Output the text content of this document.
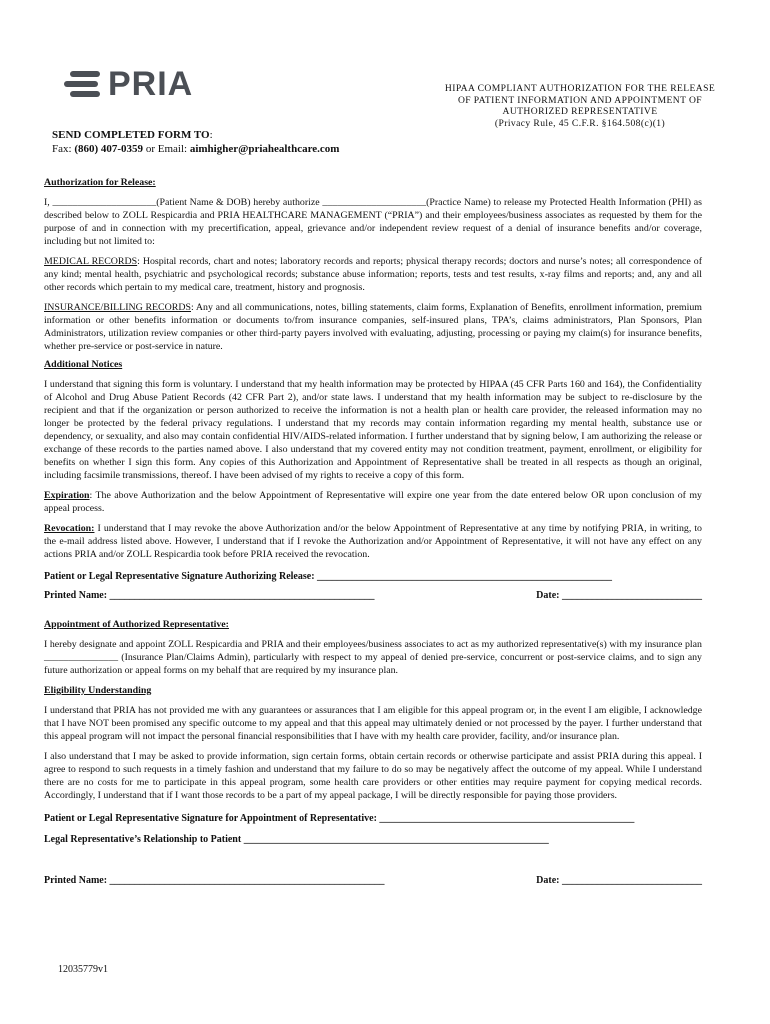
PRIA	HIPAA COMPLIANT AUTHORIZATION FOR THE RELEASE
OF PATIENT INFORMATION AND APPOINTMENT OF
AUTHORIZED REPRESENTATIVE
(Privacy Rule, 45 C.F.R. §164.508(c)(1)
SEND COMPLETED FORM TO:
Fax: (860) 407-0359 or Email: aimhigher@priahealthcare.com

Authorization for Release:

I, _____________________(Patient Name & DOB) hereby authorize _____________________(Practice Name) to release my Protected Health Information (PHI) as described below to ZOLL Respicardia and PRIA HEALTHCARE MANAGEMENT (“PRIA”) and their employees/business associates as requested by them for the purpose of and in connection with my precertification, appeal, grievance and/or independent review request of a denial of insurance benefits and/or coverage, including but not limited to:

MEDICAL RECORDS: Hospital records, chart and notes; laboratory records and reports; physical therapy records; doctors and nurse’s notes; all correspondence of any kind; mental health, psychiatric and psychological records; substance abuse information; reports, tests and test results, x-ray films and reports; and, any and all other records which pertain to my medical care, treatment, history and prognosis.

INSURANCE/BILLING RECORDS: Any and all communications, notes, billing statements, claim forms, Explanation of Benefits, enrollment information, premium information or other benefits information or documents to/from insurance companies, self-insured plans, TPA’s, claims administrators, Plan Sponsors, Plan Administrators, utilization review companies or other third-party payers involved with evaluating, adjusting, processing or paying my claim(s) for insurance benefits, whether pre-service or post-service in nature.

Additional Notices

I understand that signing this form is voluntary. I understand that my health information may be protected by HIPAA (45 CFR Parts 160 and 164), the Confidentiality of Alcohol and Drug Abuse Patient Records (42 CFR Part 2), and/or state laws. I understand that my health information may be subject to re-disclosure by the recipient and that if the organization or person authorized to receive the information is not a health plan or health care provider, the released information may no longer be protected by the federal privacy regulations. I understand that my records may contain information regarding my mental health, substance use or dependency, or sexuality, and also may contain confidential HIV/AIDS-related information. I further understand that by signing below, I am authorizing the release or exchange of these records to the parties named above. I also understand that my covered entity may not condition treatment, payment, enrollment, or eligibility for benefits on whether I sign this form. Any copies of this Authorization and Appointment of Representative shall be treated in all respects as though an original, including facsimile transmissions, thereof. I have been advised of my rights to receive a copy of this form.

Expiration: The above Authorization and the below Appointment of Representative will expire one year from the date entered below OR upon conclusion of my appeal process.

Revocation: I understand that I may revoke the above Authorization and/or the below Appointment of Representative at any time by notifying PRIA, in writing, to the e-mail address listed above. However, I understand that if I revoke the Authorization and/or Appointment of Representative, it will not have any effect on any actions PRIA and/or ZOLL Respicardia took before PRIA received the revocation.

Patient or Legal Representative Signature Authorizing Release: ___________________________________________________________

Printed Name: _____________________________________________________	Date: ____________________________

Appointment of Authorized Representative:

I hereby designate and appoint ZOLL Respicardia and PRIA and their employees/business associates to act as my authorized representative(s) with my insurance plan _______________ (Insurance Plan/Claims Admin), particularly with respect to my appeal of denied pre-service, concurrent or post-service claims, and to sign any future authorization or appeal forms on my behalf that are required by my insurance plan.

Eligibility Understanding

I understand that PRIA has not provided me with any guarantees or assurances that I am eligible for this appeal program or, in the event I am eligible, I acknowledge that I have NOT been promised any specific outcome to my appeal and that this appeal may ultimately denied or not processed by the payer. I further understand that this appeal program will not impact the personal financial responsibilities that I have with my health care provider, facility, and/or insurance plan.

I also understand that I may be asked to provide information, sign certain forms, obtain certain records or otherwise participate and assist PRIA during this appeal. I agree to respond to such requests in a timely fashion and understand that my failure to do so may be negatively affect the outcome of my appeal. While I understand there are no costs for me to participate in this appeal program, some health care providers or other entities may require payment for copying medical records. Accordingly, I understand that if I want those records to be a part of my appeal package, I will be directly responsible for paying those providers.

Patient or Legal Representative Signature for Appointment of Representative: ___________________________________________________

Legal Representative’s Relationship to Patient _____________________________________________________________

Printed Name: _______________________________________________________	Date: ____________________________
12035779v1
